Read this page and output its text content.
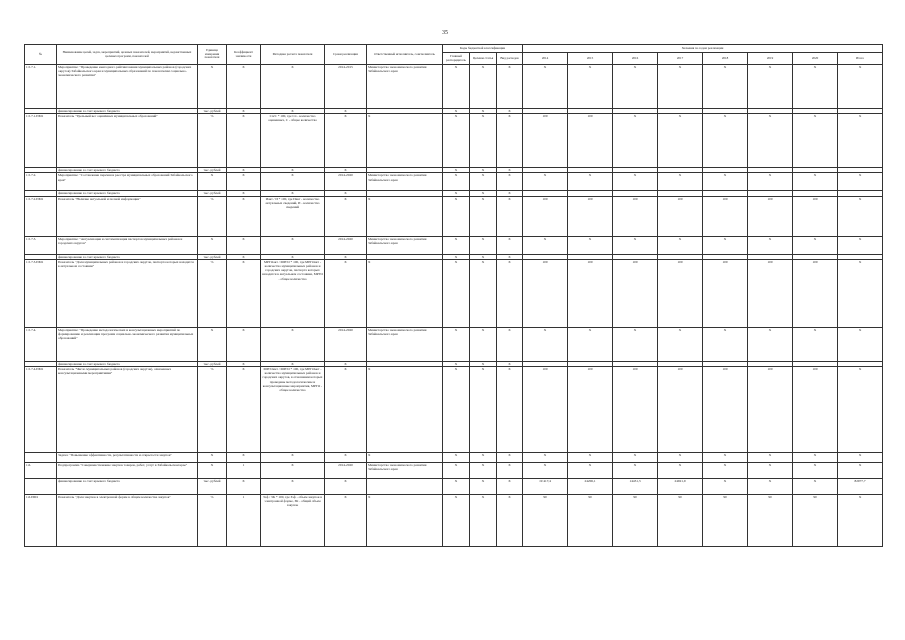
35
№	Наименование целей, задач, мероприятий, целевых показателей, мероприятий, ведомственных целевых программ, показателей	Единица измерения показателя	Коэффициент значимости	Методика расчета показателя	Сроки реализации	Ответственный исполнитель, соисполнитель	Коды бюджетной классификации			Значения по годам реализации							
							Главный распорядитель	Целевая статья	Вид расходов	2014	2015	2016	2017	2018	2019	2020	Итого
1.5.7.1.	Мероприятие: "Проведение ежегодного рейтингования муниципальных районов (городских округов) Забайкальского края и муниципальных образований по показателям социально-экономического развития"	X	X	X	2014-2015	Министерство экономического развития Забайкальского края	X	X	X	X	X	X	X	X	X	X	X
	финансирование за счет краевого бюджета	тыс. рублей	X	X	X		X	X	X								
1.5.7.1.ПМ1	Показатель "Удельный вес оценённых муниципальных образований"	%	X	Сп/С * 100, где Сп - количество оцененных, С - общее количество	X	X	X	X	X	100	100	X	X	X	X	X	X
	финансирование за счет краевого бюджета	тыс. рублей	X	X	X		X	X	X								
1.5.7.2.	Мероприятие: "Составление перечня и реестра муниципальных образований Забайкальского края"	X	X	X	2014-2020	Министерство экономического развития Забайкальского края	X	X	X	X	X	X	X	X	X	X	X
	финансирование за счет краевого бюджета	тыс. рублей	X	X	X		X	X	X								
1.5.7.2.ПМ1	Показатель "Наличие актуальной и полной информации"	%	X	Иакт / И * 100, где Иакт - количество актуальных сведений, И - количество сведений	X	X	X	X	X	100	100	100	100	100	100	100	X
1.5.7.3.	Мероприятие: "Актуализация и систематизация паспортов муниципальных районов и городских округов"	X	X	X	2014-2020	Министерство экономического развития Забайкальского края	X	X	X	X	X	X	X	X	X	X	X
	финансирование за счет краевого бюджета	тыс. рублей	X	X	X		X	X	X								
1.5.7.3.ПМ1	Показатель "Доля муниципальных районов и городских округов, паспорта которых находятся в актуальном состоянии"	%	X	МРГОакт / МРГО * 100, где МРГОакт - количество муниципальных районов и городских округов, паспорта которых находятся в актуальном состоянии, МРГО - общее количество	X	X	X	X	X	100	100	100	100	100	100	100	X
1.5.7.4.	Мероприятие: "Проведение методологических и консультационных мероприятий по формированию и реализации программ социально-экономического развития муниципальных образований"	X	X	X	2014-2020	Министерство экономического развития Забайкальского края	X	X	X	X	X	X	X	X	X	X	X
	финансирование за счет краевого бюджета	тыс. рублей	X	X	X		X	X	X								
1.5.7.4.ПМ1	Показатель "Число муниципальных районов (городских округов), охваченных консультационными мероприятиями"	%	X	МРГОмет / МРГО * 100, где МРГОмет - количество муниципальных районов и городских округов, в отношении которых проведены методологические и консультационные мероприятия, МРГО - общее количество	X	X	X	X	X	100	100	100	100	100	100	100	X
	Задача: "Повышение эффективности, результативности и открытости закупок"	X	X	X	X	X	X	X	X	X	X	X	X	X	X	X	X
1.6.	Подпрограмма "Совершенствование закупок товаров, работ, услуг в Забайкальском крае"	X	1	X	2014-2020	Министерство экономического развития Забайкальского края	X	X	X	X	X	X	X	X	X	X	X
	финансирование за счет краевого бюджета	тыс. рублей	X	X	X		X	X	X	19 417,4	24206,1	14431,3	24921,9	X	X	X	82977,7
1.6.ПМ1	Показатель "Доля закупок в электронной форме в общем количестве закупок"	%	1	Зэф / ЗК * 100, где Зэф - объем закупок в электронной форме, ЗК - общий объем закупок	X	X	X	X	X	90	90	90	90	90	90	90	X
